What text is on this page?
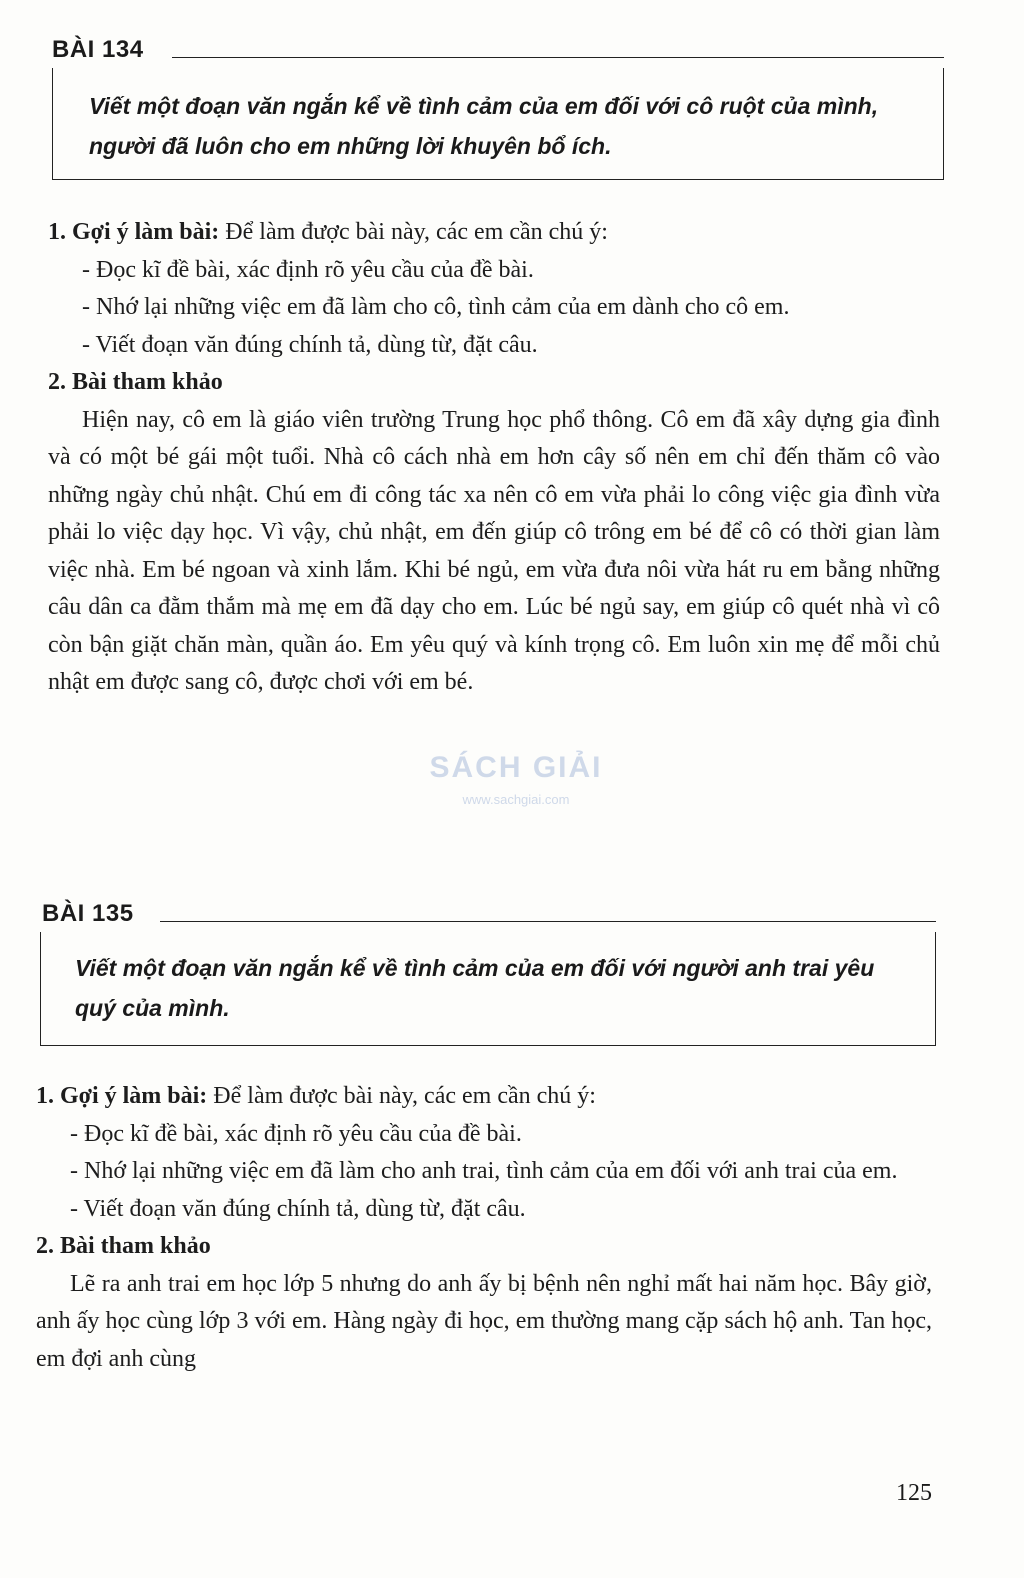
BÀI 134
Viết một đoạn văn ngắn kể về tình cảm của em đối với cô ruột của mình, người đã luôn cho em những lời khuyên bổ ích.

1. Gợi ý làm bài: Để làm được bài này, các em cần chú ý:

- Đọc kĩ đề bài, xác định rõ yêu cầu của đề bài.

- Nhớ lại những việc em đã làm cho cô, tình cảm của em dành cho cô em.

- Viết đoạn văn đúng chính tả, dùng từ, đặt câu.

2. Bài tham khảo

Hiện nay, cô em là giáo viên trường Trung học phổ thông. Cô em đã xây dựng gia đình và có một bé gái một tuổi. Nhà cô cách nhà em hơn cây số nên em chỉ đến thăm cô vào những ngày chủ nhật. Chú em đi công tác xa nên cô em vừa phải lo công việc gia đình vừa phải lo việc dạy học. Vì vậy, chủ nhật, em đến giúp cô trông em bé để cô có thời gian làm việc nhà. Em bé ngoan và xinh lắm. Khi bé ngủ, em vừa đưa nôi vừa hát ru em bằng những câu dân ca đằm thắm mà mẹ em đã dạy cho em. Lúc bé ngủ say, em giúp cô quét nhà vì cô còn bận giặt chăn màn, quần áo. Em yêu quý và kính trọng cô. Em luôn xin mẹ để mỗi chủ nhật em được sang cô, được chơi với em bé.

SÁCH GIẢI
www.sachgiai.com
BÀI 135
Viết một đoạn văn ngắn kể về tình cảm của em đối với người anh trai yêu quý của mình.

1. Gợi ý làm bài: Để làm được bài này, các em cần chú ý:

- Đọc kĩ đề bài, xác định rõ yêu cầu của đề bài.

- Nhớ lại những việc em đã làm cho anh trai, tình cảm của em đối với anh trai của em.

- Viết đoạn văn đúng chính tả, dùng từ, đặt câu.

2. Bài tham khảo

Lẽ ra anh trai em học lớp 5 nhưng do anh ấy bị bệnh nên nghỉ mất hai năm học. Bây giờ, anh ấy học cùng lớp 3 với em. Hàng ngày đi học, em thường mang cặp sách hộ anh. Tan học, em đợi anh cùng

125
